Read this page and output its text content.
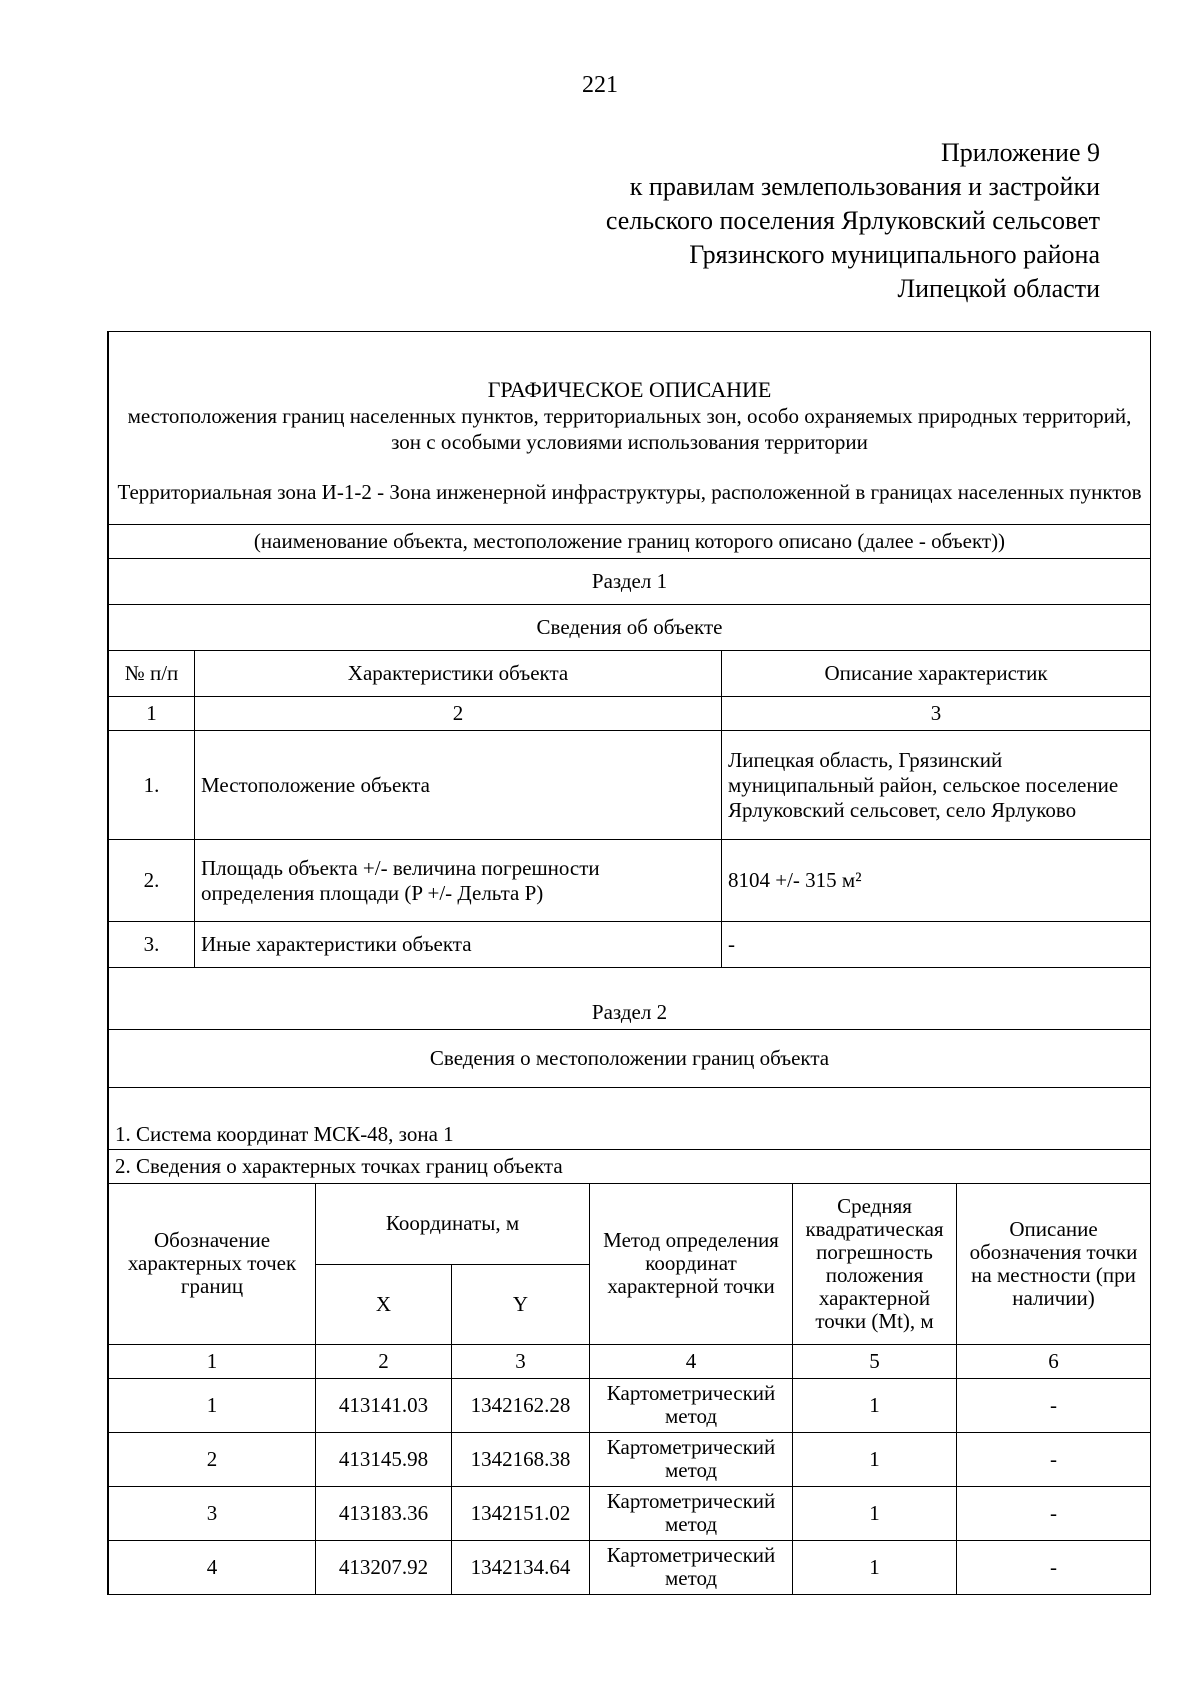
221
Приложение 9
к правилам землепользования и застройки
сельского поселения Ярлуковский сельсовет
Грязинского муниципального района
Липецкой области
ГРАФИЧЕСКОЕ ОПИСАНИЕ
местоположения границ населенных пунктов, территориальных зон, особо охраняемых природных территорий, зон с особыми условиями использования территории
Территориальная зона И-1-2 - Зона инженерной инфраструктуры, расположенной в границах населенных пунктов		

(наименование объекта, местоположение границ которого описано (далее - объект))		
Раздел 1		
Сведения об объекте		
№ п/п	Характеристики объекта	Описание характеристик
1	2	3
1.	Местоположение объекта	Липецкая область, Грязинский муниципальный район, сельское поселение Ярлуковский сельсовет, село Ярлуково
2.	Площадь объекта +/- величина погрешности определения площади (P +/- Дельта P)	8104 +/- 315 м²
3.	Иные характеристики объекта	-
Раздел 2		
Сведения о местоположении границ объекта		
1. Система координат МСК-48, зона 1		
2. Сведения о характерных точках границ объекта		
Обозначение характерных точек границ	Координаты, м		Метод определения координат характерной точки	Средняя квадратическая погрешность положения характерной точки (Mt), м	Описание обозначения точки на местности (при наличии)
	X	Y			
1	2	3	4	5	6
1	413141.03	1342162.28	Картометрический метод	1	-
2	413145.98	1342168.38	Картометрический метод	1	-
3	413183.36	1342151.02	Картометрический метод	1	-
4	413207.92	1342134.64	Картометрический метод	1	-
